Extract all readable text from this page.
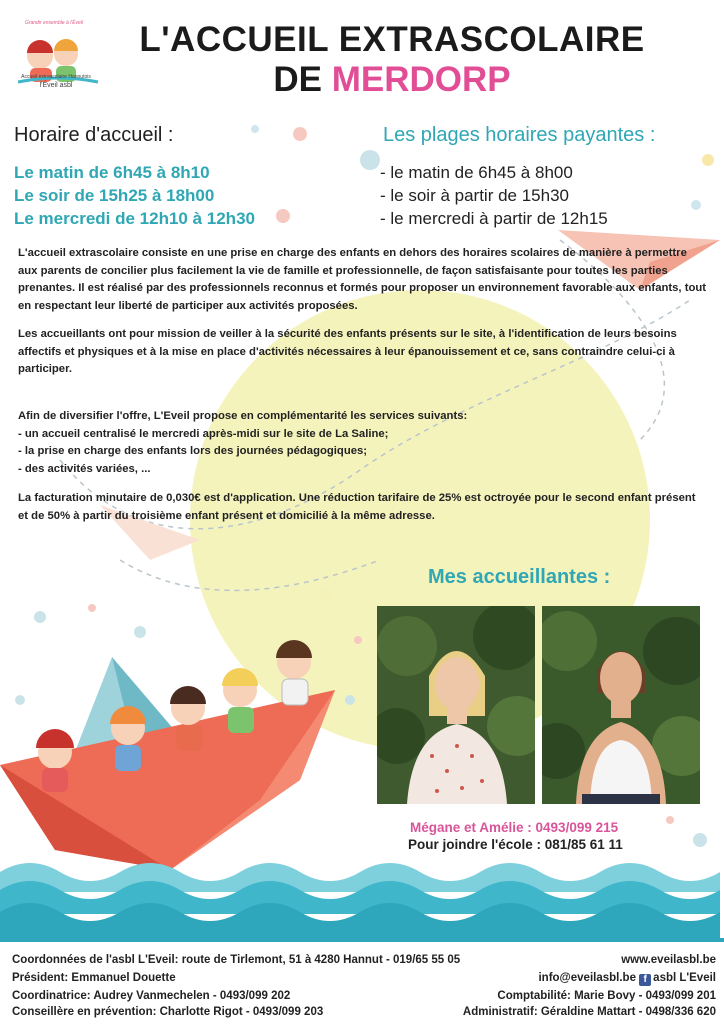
Grandir ensemble à l'Éveil
Accueil extrascolaire Hannutois
l'Éveil asbl
L'ACCUEIL EXTRASCOLAIRE
DE MERDORP
Horaire d'accueil :
Le matin de 6h45 à 8h10
Le soir de 15h25 à 18h00
Le mercredi de 12h10 à 12h30
Les plages horaires payantes :
- le matin de 6h45 à 8h00
- le soir à partir de 15h30
- le mercredi à partir de 12h15
L'accueil extrascolaire consiste en une prise en charge des enfants en dehors des horaires scolaires de manière à permettre aux parents de concilier plus facilement la vie de famille et professionnelle, de façon satisfaisante pour toutes les parties prenantes. Il est réalisé par des professionnels reconnus et formés pour proposer un environnement favorable aux enfants, tout en respectant leur liberté de participer aux activités proposées.
Les accueillants ont pour mission de veiller à la sécurité des enfants présents sur le site, à l'identification de leurs besoins affectifs et physiques et à la mise en place d'activités nécessaires à leur épanouissement et ce, sans contraindre celui-ci à participer.
Afin de diversifier l'offre, L'Eveil propose en complémentarité les services suivants:
- un accueil centralisé le mercredi après-midi sur le site de La Saline;
- la prise en charge des enfants lors des journées pédagogiques;
- des activités variées, ...
La facturation minutaire de 0,030€ est d'application. Une réduction tarifaire de 25% est octroyée pour le second enfant présent et de 50% à partir du troisième enfant présent et domicilié à la même adresse.
Mes accueillantes :
Mégane et Amélie : 0493/099 215
Pour joindre l'école : 081/85 61 11
Coordonnées de l'asbl L'Eveil: route de Tirlemont, 51 à 4280 Hannut - 019/65 55 05
Président: Emmanuel Douette
Coordinatrice: Audrey Vanmechelen - 0493/099 202
Conseillère en prévention: Charlotte Rigot - 0493/099 203
www.eveilasbl.be
info@eveilasbl.be f asbl L'Eveil
Comptabilité: Marie Bovy - 0493/099 201
Administratif: Géraldine Mattart - 0498/336 620
